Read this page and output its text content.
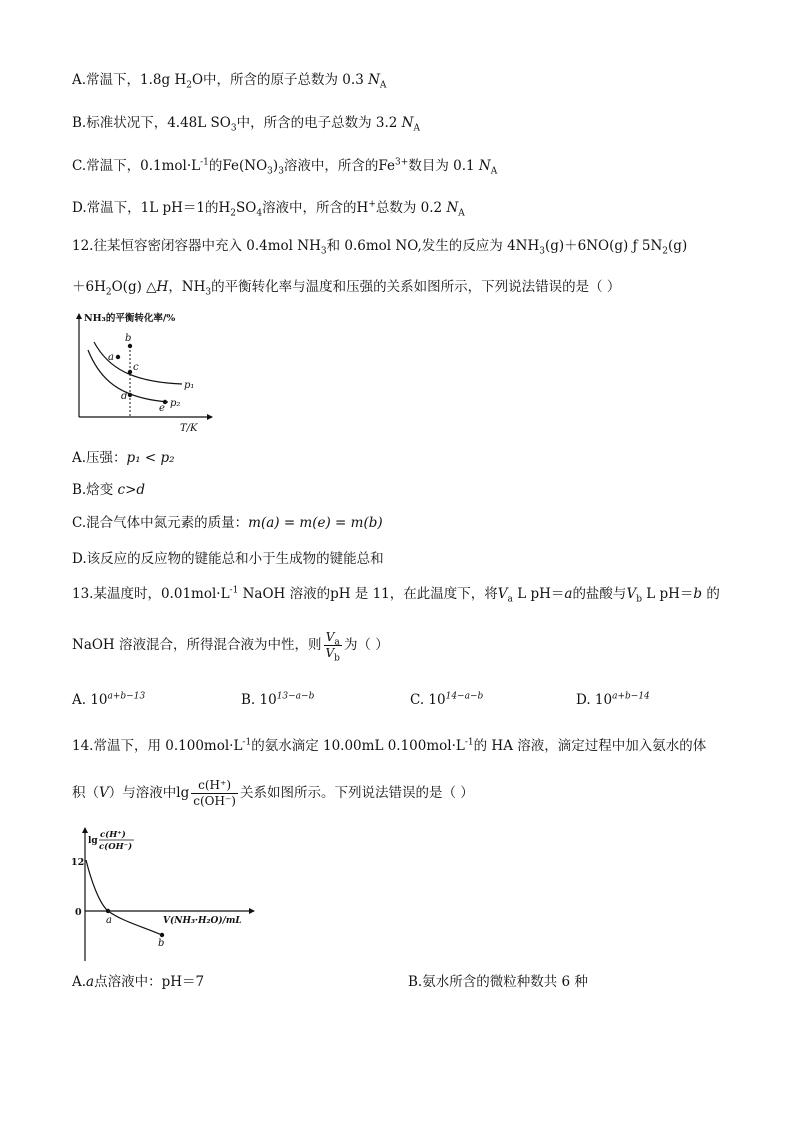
A.常温下，1.8g $H_2O$中，所含的原子总数为 0.3 $N_A$
B.标准状况下，4.48L $SO_3$中，所含的电子总数为 3.2 $N_A$
C.常温下，$0.1mol\cdot L^{-1}$的$Fe(NO_3)_3$溶液中，所含的$Fe^{3+}$数目为 0.1 $N_A$
D.常温下，1L pH＝1的$H_2SO_4$溶液中，所含的H+总数为 0.2 $N_A$
12.往某恒容密闭容器中充入 0.4mol $NH_3$和 0.6mol NO,发生的反应为 $4NH_3(g)+6NO(g)$ ƒ $5N_2(g)$
$+6H_2O(g)$ △H，$NH_3$的平衡转化率与温度和压强的关系如图所示，下列说法错误的是（ ）
NH₃的平衡转化率/%
T/K
a
b
c
d
e
p₁
p₂
A.压强：p₁ < p₂
B.焓变 c>d
C.混合气体中氮元素的质量：m(a) = m(e) = m(b)
D.该反应的反应物的键能总和小于生成物的键能总和
13.某温度时，$0.01mol\cdot L^{-1}$ NaOH 溶液的pH 是 11，在此温度下，将$V_a$ L pH＝a的盐酸与$V_b$ L pH＝b 的
NaOH 溶液混合，所得混合液为中性，则 $\frac{V_a}{V_b}$ 为（ ）
A. $10^{a+b-13}$	B. $10^{13-a-b}$	C. $10^{14-a-b}$	D. $10^{a+b-14}$
14.常温下，用 $0.100mol\cdot L^{-1}$的氨水滴定 10.00mL $0.100mol\cdot L^{-1}$的 HA 溶液，滴定过程中加入氨水的体
积（V）与溶液中$\lg \frac{c(H^+)}{c(OH^-)}$ 关系如图所示。下列说法错误的是（ ）
lg
c(H⁺)
c(OH⁻)
12
0
V(NH₃·H₂O)/mL
a
b
A.a点溶液中：pH＝7	B.氨水所含的微粒种数共 6 种
